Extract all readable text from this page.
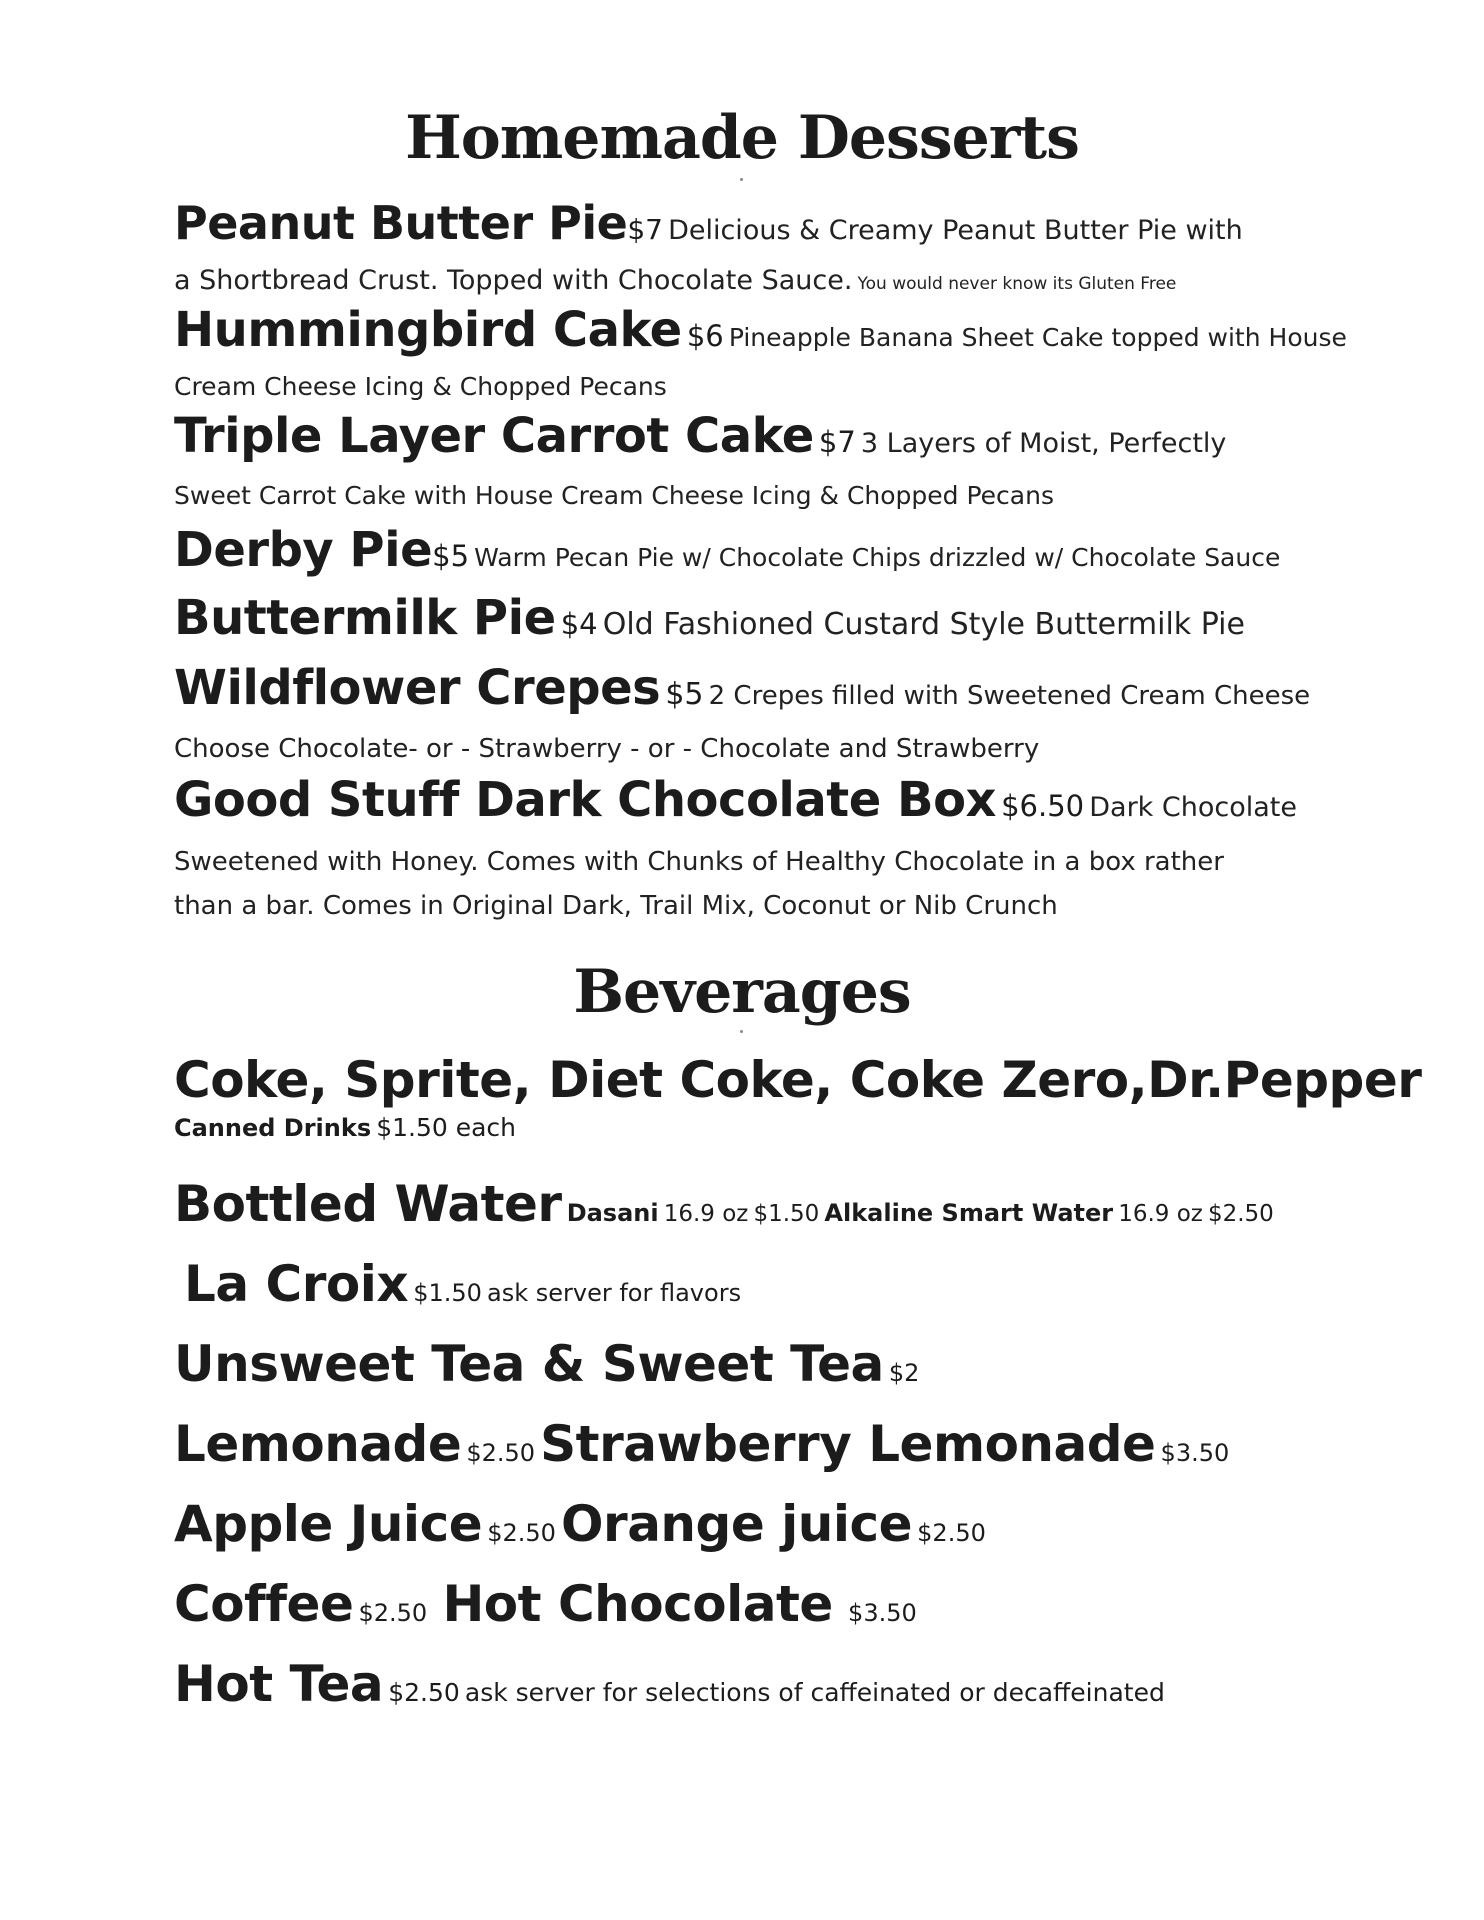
Homemade Desserts
Peanut Butter Pie$7 Delicious & Creamy Peanut Butter Pie with
a Shortbread Crust. Topped with Chocolate Sauce. You would never know its Gluten Free
Hummingbird Cake $6 Pineapple Banana Sheet Cake topped with House
Cream Cheese Icing & Chopped Pecans
Triple Layer Carrot Cake $7 3 Layers of Moist, Perfectly
Sweet Carrot Cake with House Cream Cheese Icing & Chopped Pecans
Derby Pie$5 Warm Pecan Pie w/ Chocolate Chips drizzled w/ Chocolate Sauce
Buttermilk Pie $4 Old Fashioned Custard Style Buttermilk Pie
Wildflower Crepes $5 2 Crepes filled with Sweetened Cream Cheese
Choose Chocolate- or - Strawberry - or - Chocolate and Strawberry
Good Stuff Dark Chocolate Box $6.50 Dark Chocolate
Sweetened with Honey. Comes with Chunks of Healthy Chocolate in a box rather
than a bar. Comes in Original Dark, Trail Mix, Coconut or Nib Crunch
Beverages
Coke, Sprite, Diet Coke, Coke Zero,Dr.Pepper
Canned Drinks $1.50 each
Bottled Water Dasani 16.9 oz $1.50 Alkaline Smart Water 16.9 oz $2.50
La Croix $1.50 ask server for flavors
Unsweet Tea & Sweet Tea $2
Lemonade $2.50 Strawberry Lemonade $3.50
Apple Juice $2.50 Orange juice $2.50
Coffee $2.50 Hot Chocolate $3.50
Hot Tea $2.50 ask server for selections of caffeinated or decaffeinated
